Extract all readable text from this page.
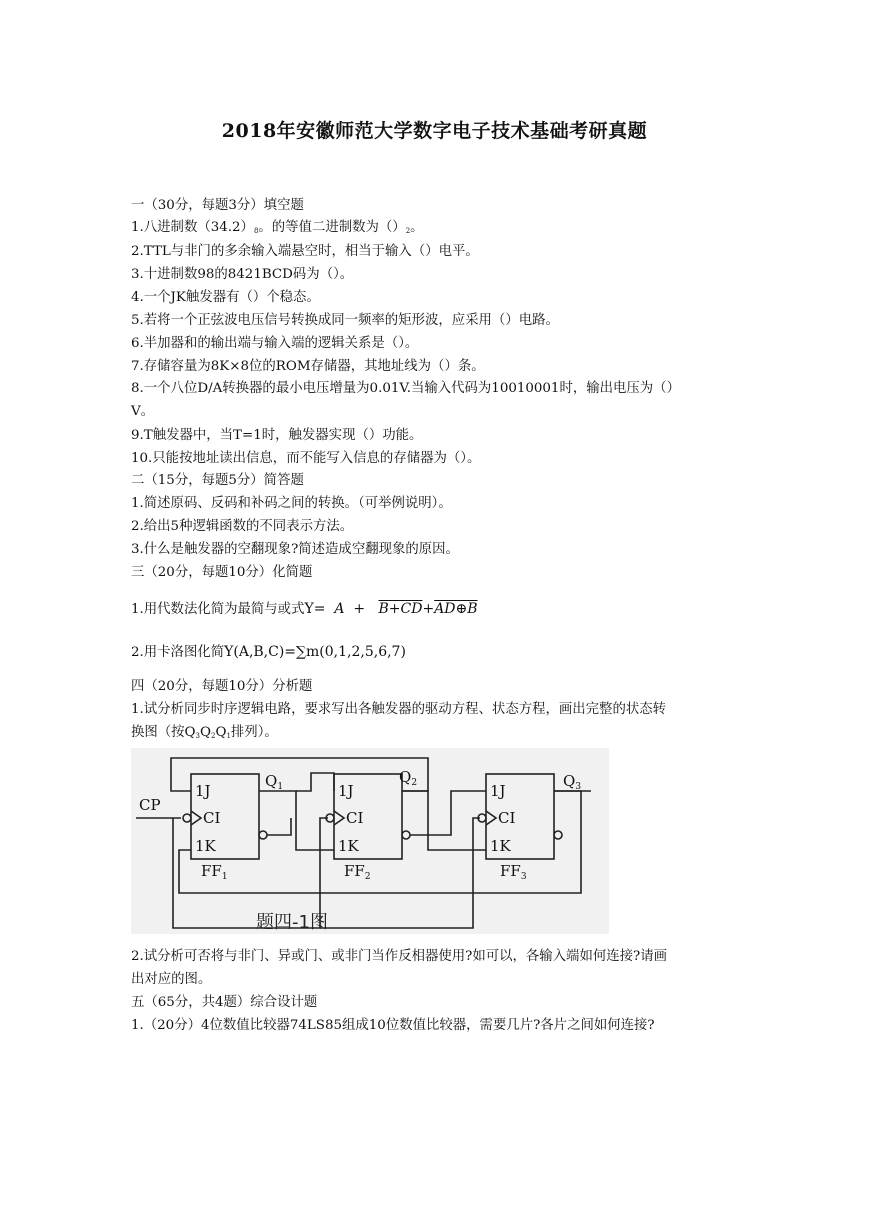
2018年安徽师范大学数字电子技术基础考研真题
一（30分，每题3分）填空题
1.八进制数$(34.2)_8$。的等值二进制数为$()_2$。
2.TTL与非门的多余输入端悬空时，相当于输入（）电平。
3.十进制数98的8421BCD码为（）。
4.一个JK触发器有（）个稳态。
5.若将一个正弦波电压信号转换成同一频率的矩形波，应采用（）电路。
6.半加器和的输出端与输入端的逻辑关系是（）。
7.存储容量为8K×8位的ROM存储器，其地址线为（）条。
8.一个八位D/A转换器的最小电压增量为0.01V.当输入代码为10010001时，输出电压为（）
V。
9.T触发器中，当T=1时，触发器实现（）功能。
10.只能按地址读出信息，而不能写入信息的存储器为（）。
二（15分，每题5分）简答题
1.简述原码、反码和补码之间的转换。（可举例说明）。
2.给出5种逻辑函数的不同表示方法。
3.什么是触发器的空翻现象?简述造成空翻现象的原因。
三（20分，每题10分）化简题
1.用代数法化简为最简与或式Y= A + B+CD+AD⊕B
2.用卡洛图化简Y(A,B,C)=∑m(0,1,2,5,6,7)
四（20分，每题10分）分析题
1.试分析同步时序逻辑电路，要求写出各触发器的驱动方程、状态方程，画出完整的状态转
换图（按$Q_3Q_2Q_1$排列）。
CP
1J
CI
1K
$FF_1$
$Q_1$	1J
CI
1K
$FF_2$
$Q_2$	1J
CI
1K
$FF_3$
$Q_3$
题四-1图
2.试分析可否将与非门、异或门、或非门当作反相器使用?如可以，各输入端如何连接?请画
出对应的图。
五（65分，共4题）综合设计题
1.（20分）4位数值比较器74LS85组成10位数值比较器，需要几片?各片之间如何连接?
